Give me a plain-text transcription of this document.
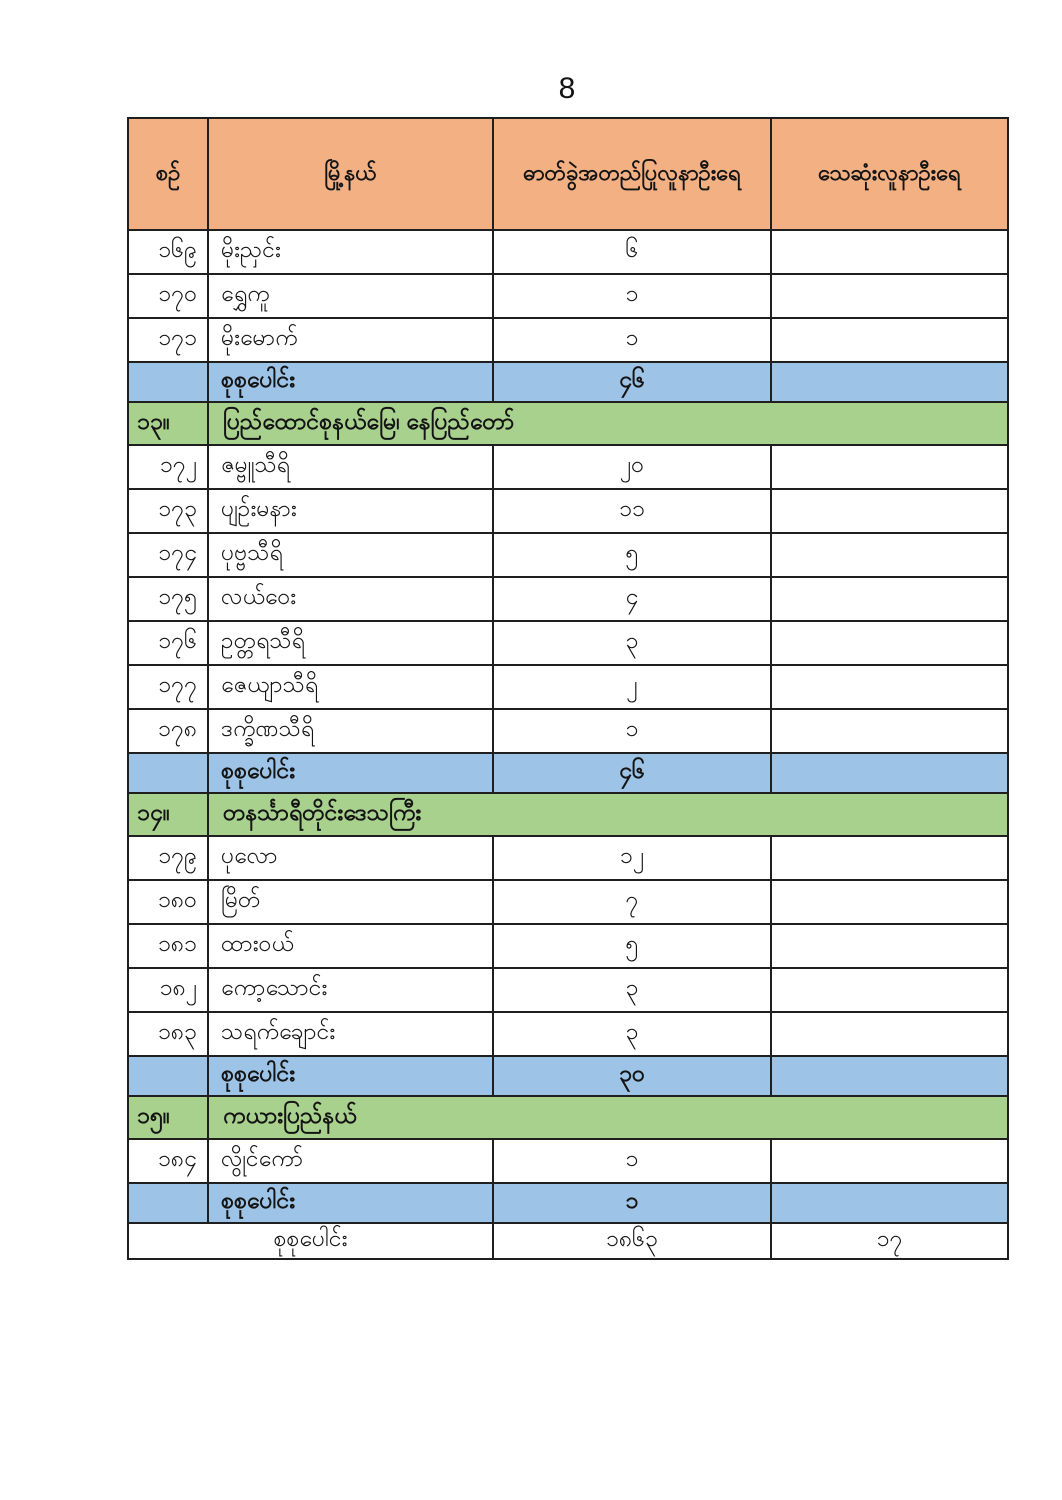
8
စဉ်	မြို့နယ်	ဓာတ်ခွဲအတည်ပြုလူနာဦးရေ	သေဆုံးလူနာဦးရေ
၁၆၉	မိုးညှင်း	၆	
၁၇၀	ရွှေကူ	၁	
၁၇၁	မိုးမောက်	၁	
	စုစုပေါင်း	၄၆	
၁၃။	ပြည်ထောင်စုနယ်မြေ၊ နေပြည်တော်		
၁၇၂	ဇမ္ဗူသီရိ	၂၀	
၁၇၃	ပျဉ်းမနား	၁၁	
၁၇၄	ပုဗ္ဗသီရိ	၅	
၁၇၅	လယ်ဝေး	၄	
၁၇၆	ဥတ္တရသီရိ	၃	
၁၇၇	ဇေယျာသီရိ	၂	
၁၇၈	ဒက္ခိဏသီရိ	၁	
	စုစုပေါင်း	၄၆	
၁၄။	တနင်္သာရီတိုင်းဒေသကြီး		
၁၇၉	ပုလော	၁၂	
၁၈၀	မြိတ်	၇	
၁၈၁	ထားဝယ်	၅	
၁၈၂	ကော့သောင်း	၃	
၁၈၃	သရက်ချောင်း	၃	
	စုစုပေါင်း	၃၀	
၁၅။	ကယားပြည်နယ်		
၁၈၄	လွိုင်ကော်	၁	
	စုစုပေါင်း	၁	
စုစုပေါင်း		၁၈၆၃	၁၇
